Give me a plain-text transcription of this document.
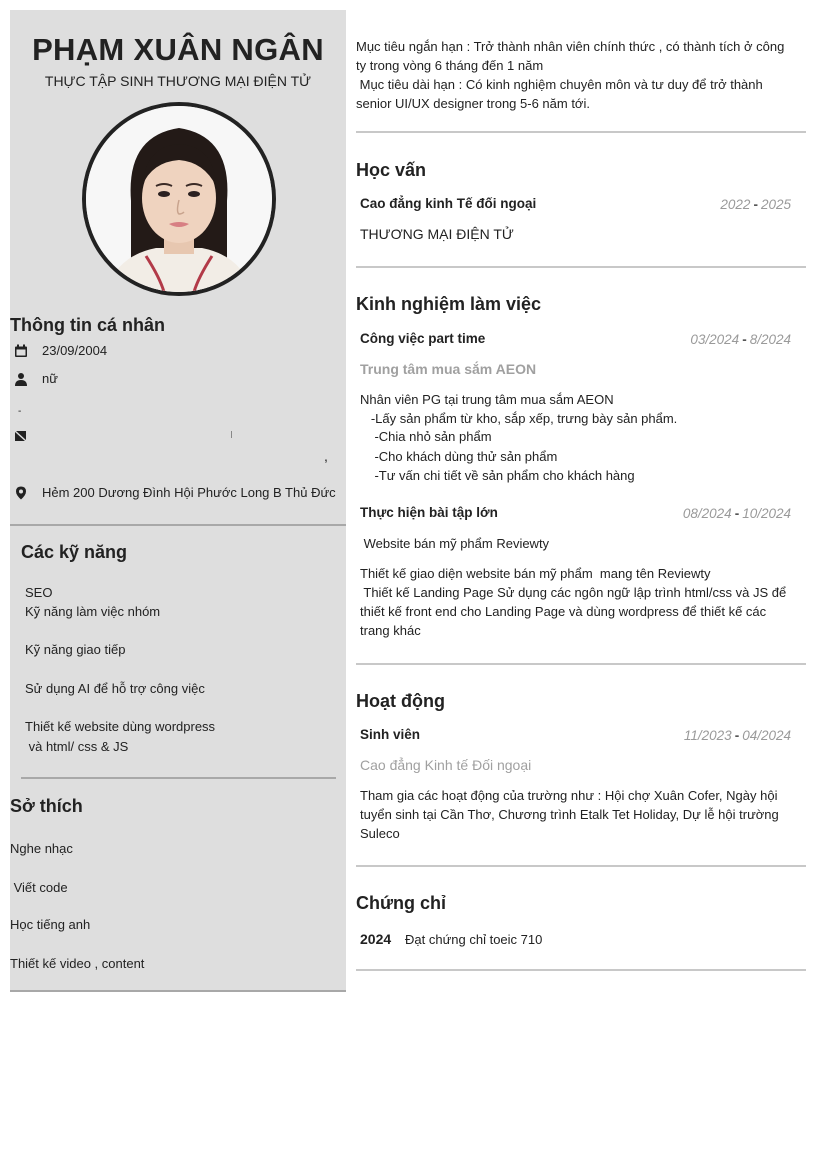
PHẠM XUÂN NGÂN
THỰC TẬP SINH THƯƠNG MẠI ĐIỆN TỬ
Thông tin cá nhân
23/09/2004
nữ
-
,
Hẻm 200 Dương Đình Hội Phước Long B Thủ Đức
Các kỹ năng
SEO
Kỹ năng làm việc nhóm
Kỹ năng giao tiếp
Sử dụng AI để hỗ trợ công việc
Thiết kế website dùng wordpress
và html/ css & JS
Sở thích
Nghe nhạc
Viết code
Học tiếng anh
Thiết kế video , content
Mục tiêu ngắn hạn : Trở thành nhân viên chính thức , có thành tích ở công
ty trong vòng 6 tháng đến 1 năm
Mục tiêu dài hạn : Có kinh nghiệm chuyên môn và tư duy để trở thành
senior UI/UX designer trong 5-6 năm tới.
Học vấn
Cao đẳng kinh Tế đối ngoại	2022 - 2025
THƯƠNG MẠI ĐIỆN TỬ
Kinh nghiệm làm việc
Công việc part time	03/2024 - 8/2024
Trung tâm mua sắm AEON
Nhân viên PG tại trung tâm mua sắm AEON
-Lấy sản phẩm từ kho, sắp xếp, trưng bày sản phẩm.
-Chia nhỏ sản phẩm
-Cho khách dùng thử sản phẩm
-Tư vấn chi tiết về sản phẩm cho khách hàng
Thực hiện bài tập lớn	08/2024 - 10/2024
Website bán mỹ phẩm Reviewty
Thiết kế giao diện website bán mỹ phẩm  mang tên Reviewty
Thiết kế Landing Page Sử dụng các ngôn ngữ lập trình html/css và JS để
thiết kế front end cho Landing Page và dùng wordpress để thiết kế các
trang khác
Hoạt động
Sinh viên	11/2023 - 04/2024
Cao đẳng Kinh tế Đối ngoại
Tham gia các hoạt động của trường như : Hội chợ Xuân Cofer, Ngày hội
tuyển sinh tại Cần Thơ, Chương trình Etalk Tet Holiday, Dự lễ hội trường
Suleco
Chứng chỉ
2024 Đạt chứng chỉ toeic 710
